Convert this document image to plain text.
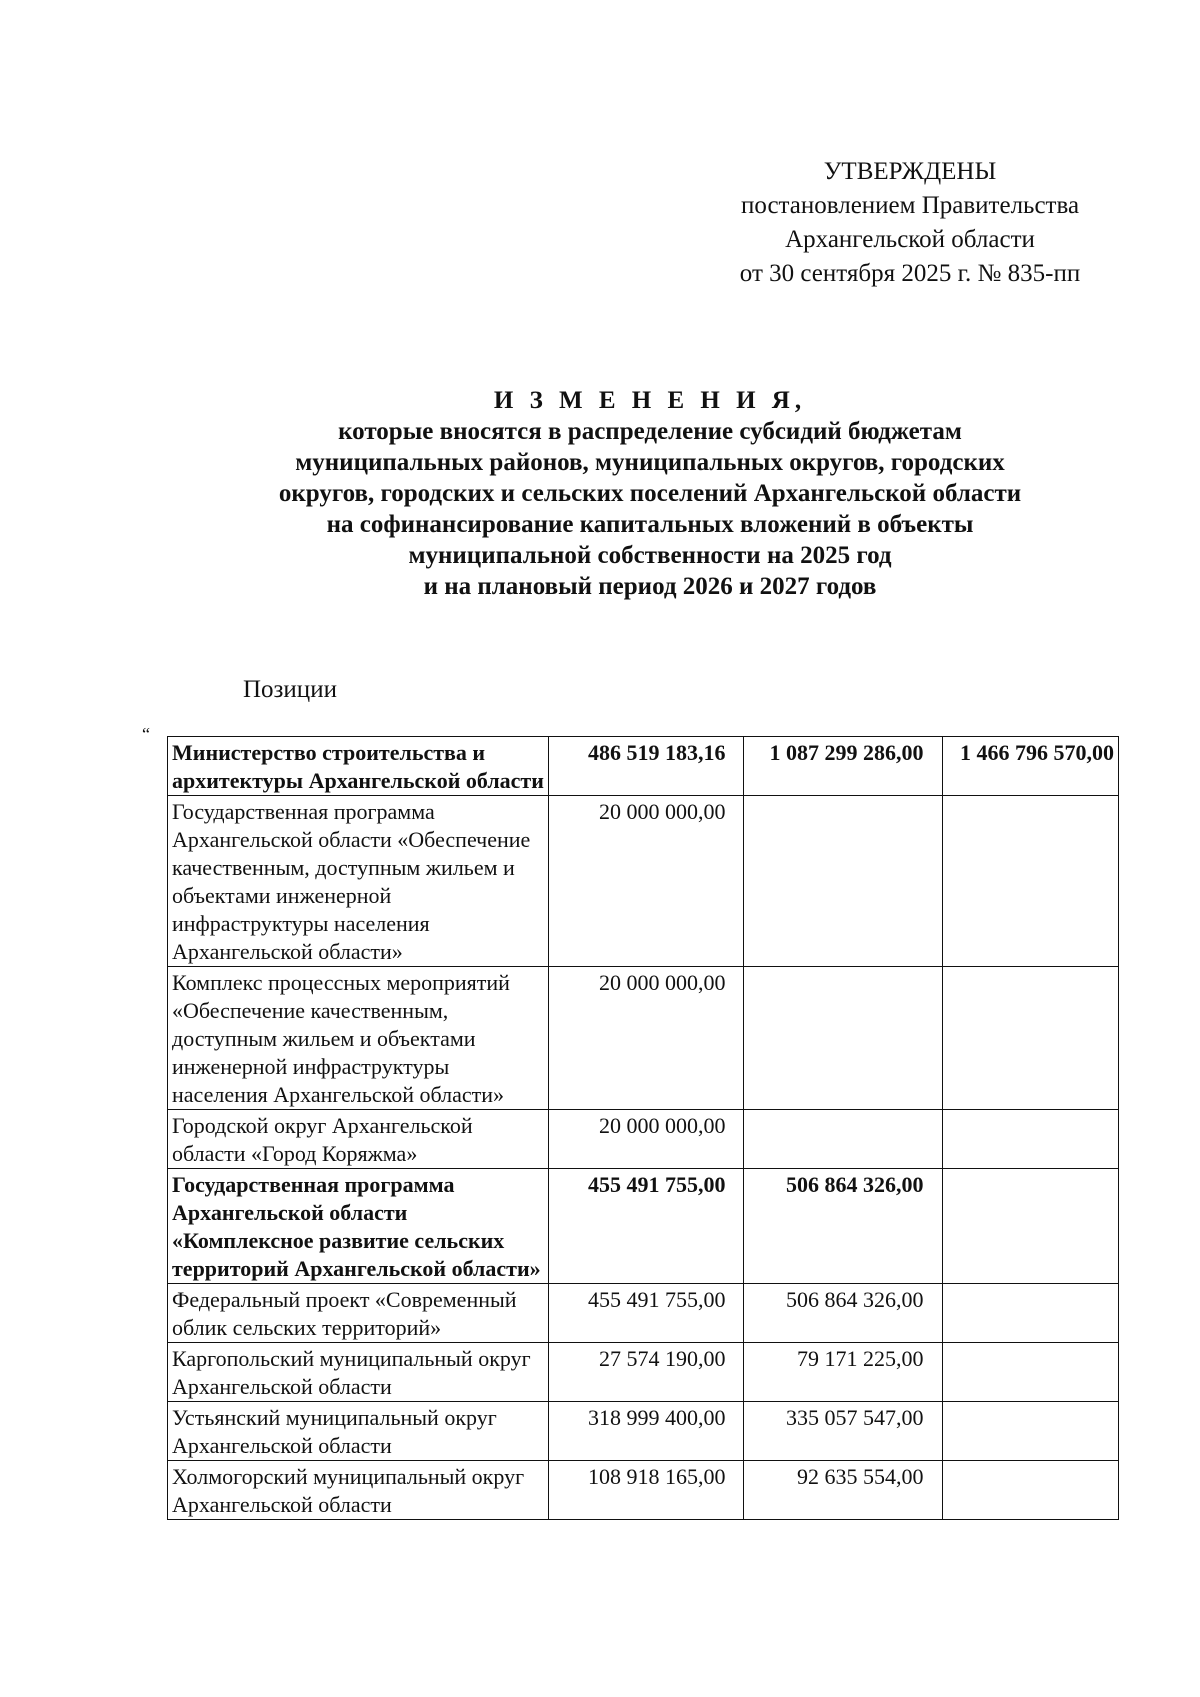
УТВЕРЖДЕНЫ
постановлением Правительства
Архангельской области
от 30 сентября 2025 г. № 835-пп
И З М Е Н Е Н И Я,
которые вносятся в распределение субсидий бюджетам
муниципальных районов, муниципальных округов, городских
округов, городских и сельских поселений Архангельской области
на софинансирование капитальных вложений в объекты
муниципальной собственности на 2025 год
и на плановый период 2026 и 2027 годов
Позиции
“
Министерство строительства и архитектуры Архангельской области	486 519 183,16	1 087 299 286,00	1 466 796 570,00
Государственная программа Архангельской области «Обеспечение качественным, доступным жильем и объектами инженерной инфраструктуры населения Архангельской области»	20 000 000,00		
Комплекс процессных мероприятий «Обеспечение качественным, доступным жильем и объектами инженерной инфраструктуры населения Архангельской области»	20 000 000,00		
Городской округ Архангельской области «Город Коряжма»	20 000 000,00		
Государственная программа Архангельской области «Комплексное развитие сельских территорий Архангельской области»	455 491 755,00	506 864 326,00	
Федеральный проект «Современный облик сельских территорий»	455 491 755,00	506 864 326,00	
Каргопольский муниципальный округ Архангельской области	27 574 190,00	79 171 225,00	
Устьянский муниципальный округ Архангельской области	318 999 400,00	335 057 547,00	
Холмогорский муниципальный округ Архангельской области	108 918 165,00	92 635 554,00	
